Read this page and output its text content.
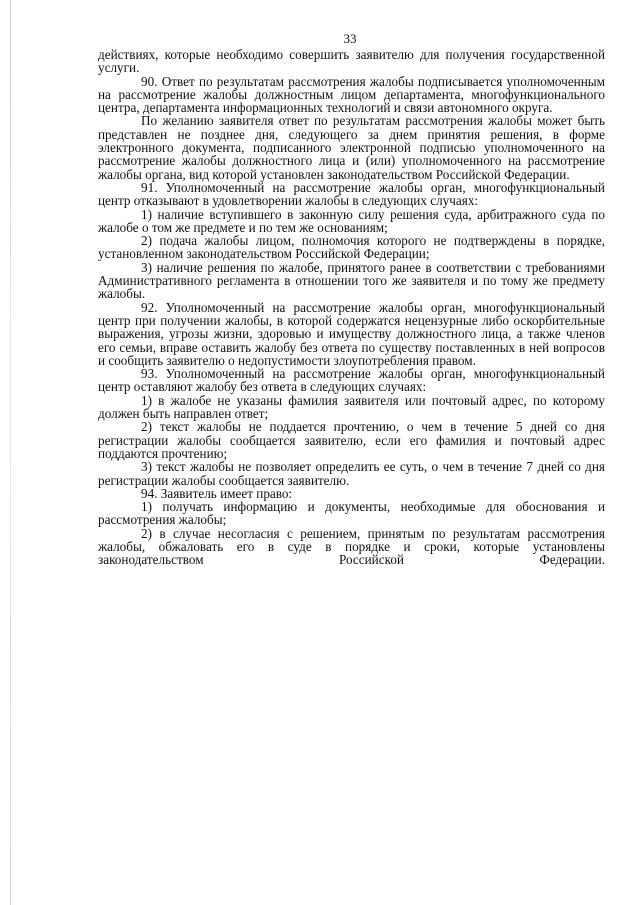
33

действиях, которые необходимо совершить заявителю для получения государственной услуги.

90. Ответ по результатам рассмотрения жалобы подписывается уполномоченным на рассмотрение жалобы должностным лицом департамента, многофункционального центра, департамента информационных технологий и связи автономного округа.

По желанию заявителя ответ по результатам рассмотрения жалобы может быть представлен не позднее дня, следующего за днем принятия решения, в форме электронного документа, подписанного электронной подписью уполномоченного на рассмотрение жалобы должностного лица и (или) уполномоченного на рассмотрение жалобы органа, вид которой установлен законодательством Российской Федерации.

91. Уполномоченный на рассмотрение жалобы орган, многофункциональный центр отказывают в удовлетворении жалобы в следующих случаях:

1) наличие вступившего в законную силу решения суда, арбитражного суда по жалобе о том же предмете и по тем же основаниям;

2) подача жалобы лицом, полномочия которого не подтверждены в порядке, установленном законодательством Российской Федерации;

3) наличие решения по жалобе, принятого ранее в соответствии с требованиями Административного регламента в отношении того же заявителя и по тому же предмету жалобы.

92. Уполномоченный на рассмотрение жалобы орган, многофункциональный центр при получении жалобы, в которой содержатся нецензурные либо оскорбительные выражения, угрозы жизни, здоровью и имуществу должностного лица, а также членов его семьи, вправе оставить жалобу без ответа по существу поставленных в ней вопросов и сообщить заявителю о недопустимости злоупотребления правом.

93. Уполномоченный на рассмотрение жалобы орган, многофункциональный центр оставляют жалобу без ответа в следующих случаях:

1) в жалобе не указаны фамилия заявителя или почтовый адрес, по которому должен быть направлен ответ;

2) текст жалобы не поддается прочтению, о чем в течение 5 дней со дня регистрации жалобы сообщается заявителю, если его фамилия и почтовый адрес поддаются прочтению;

3) текст жалобы не позволяет определить ее суть, о чем в течение 7 дней со дня регистрации жалобы сообщается заявителю.

94. Заявитель имеет право:

1) получать информацию и документы, необходимые для обоснования и рассмотрения жалобы;

2) в случае несогласия с решением, принятым по результатам рассмотрения жалобы, обжаловать его в суде в порядке и сроки, которые установлены законодательством Российской Федерации.
